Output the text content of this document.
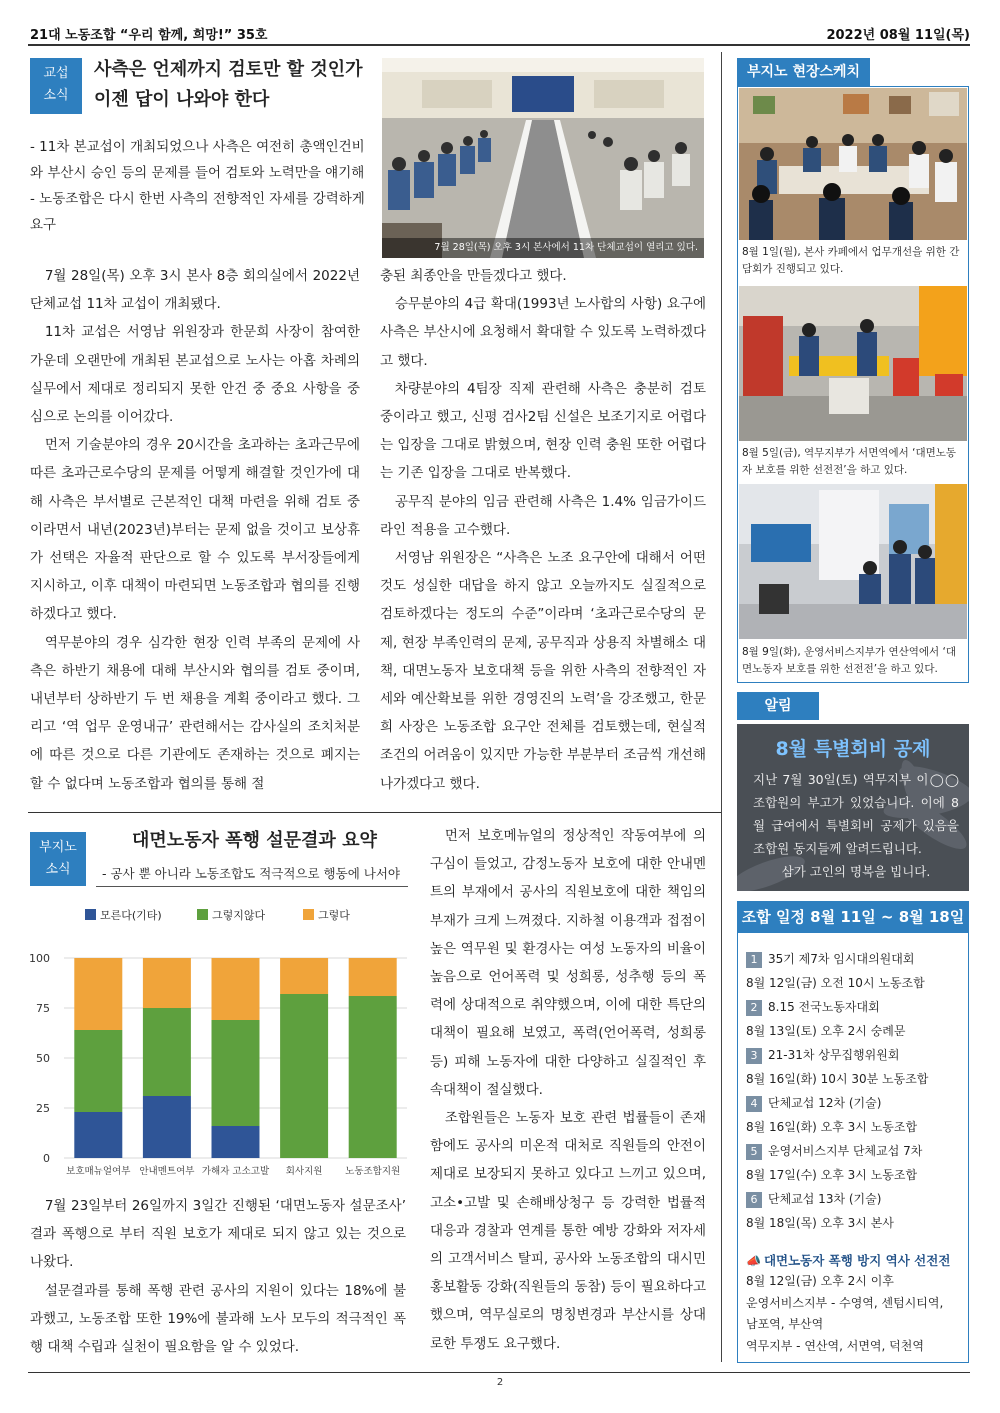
21대 노동조합 “우리 함께, 희망!” 35호	2022년 08월 11일(목)
교섭
소식
사측은 언제까지 검토만 할 것인가
이젠 답이 나와야 한다
- 11차 본교섭이 개최되었으나 사측은 여전히 총액인건비
와 부산시 승인 등의 문제를 들어 검토와 노력만을 얘기해
- 노동조합은 다시 한번 사측의 전향적인 자세를 강력하게
요구
7월 28일(목) 오후 3시 본사에서 11차 단체교섭이 열리고 있다.

7월 28일(목) 오후 3시 본사 8층 회의실에서 2022년 단체교섭 11차 교섭이 개최됐다.

11차 교섭은 서영남 위원장과 한문희 사장이 참여한 가운데 오랜만에 개최된 본교섭으로 노사는 아홉 차례의 실무에서 제대로 정리되지 못한 안건 중 중요 사항을 중심으로 논의를 이어갔다.

먼저 기술분야의 경우 20시간을 초과하는 초과근무에 따른 초과근로수당의 문제를 어떻게 해결할 것인가에 대해 사측은 부서별로 근본적인 대책 마련을 위해 검토 중이라면서 내년(2023년)부터는 문제 없을 것이고 보상휴가 선택은 자율적 판단으로 할 수 있도록 부서장들에게 지시하고, 이후 대책이 마련되면 노동조합과 협의를 진행하겠다고 했다.

역무분야의 경우 심각한 현장 인력 부족의 문제에 사측은 하반기 채용에 대해 부산시와 협의를 검토 중이며, 내년부터 상하반기 두 번 채용을 계획 중이라고 했다. 그리고 ‘역 업무 운영내규’ 관련해서는 감사실의 조치처분에 따른 것으로 다른 기관에도 존재하는 것으로 폐지는 할 수 없다며 노동조합과 협의를 통해 절

충된 최종안을 만들겠다고 했다.

승무분야의 4급 확대(1993년 노사합의 사항) 요구에 사측은 부산시에 요청해서 확대할 수 있도록 노력하겠다고 했다.

차량분야의 4팀장 직제 관련해 사측은 충분히 검토 중이라고 했고, 신평 검사2팀 신설은 보조기지로 어렵다는 입장을 그대로 밝혔으며, 현장 인력 충원 또한 어렵다는 기존 입장을 그대로 반복했다.

공무직 분야의 임금 관련해 사측은 1.4% 임금가이드라인 적용을 고수했다.

서영남 위원장은 “사측은 노조 요구안에 대해서 어떤 것도 성실한 대답을 하지 않고 오늘까지도 실질적으로 검토하겠다는 정도의 수준”이라며 ‘초과근로수당의 문제, 현장 부족인력의 문제, 공무직과 상용직 차별해소 대책, 대면노동자 보호대책 등을 위한 사측의 전향적인 자세와 예산확보를 위한 경영진의 노력’을 강조했고, 한문희 사장은 노동조합 요구안 전체를 검토했는데, 현실적 조건의 어려움이 있지만 가능한 부분부터 조금씩 개선해 나가겠다고 했다.

부지노
소식
대면노동자 폭행 설문결과 요약
- 공사 뿐 아니라 노동조합도 적극적으로 행동에 나서야
모른다(기타)	그렇지않다	그렇다
0
25
50
75
100
보호매뉴얼여부 안내멘트여부 가해자 고소고발 회사지원 노동조합지원

7월 23일부터 26일까지 3일간 진행된 ‘대면노동자 설문조사’ 결과 폭행으로 부터 직원 보호가 제대로 되지 않고 있는 것으로 나왔다.

설문결과를 통해 폭행 관련 공사의 지원이 있다는 18%에 불과했고, 노동조합 또한 19%에 불과해 노사 모두의 적극적인 폭행 대책 수립과 실천이 필요함을 알 수 있었다.

먼저 보호메뉴얼의 정상적인 작동여부에 의구심이 들었고, 감정노동자 보호에 대한 안내멘트의 부재에서 공사의 직원보호에 대한 책임의 부재가 크게 느껴졌다. 지하철 이용객과 접점이 높은 역무원 및 환경사는 여성 노동자의 비율이 높음으로 언어폭력 및 성희롱, 성추행 등의 폭력에 상대적으로 취약했으며, 이에 대한 특단의 대책이 필요해 보였고, 폭력(언어폭력, 성희롱 등) 피해 노동자에 대한 다양하고 실질적인 후속대책이 절실했다.

조합원들은 노동자 보호 관련 법률들이 존재함에도 공사의 미온적 대처로 직원들의 안전이 제대로 보장되지 못하고 있다고 느끼고 있으며, 고소•고발 및 손해배상청구 등 강력한 법률적 대응과 경찰과 연계를 통한 예방 강화와 저자세의 고객서비스 탈피, 공사와 노동조합의 대시민 홍보활동 강화(직원들의 동참) 등이 필요하다고 했으며, 역무실로의 명칭변경과 부산시를 상대로한 투쟁도 요구했다.

부지노 현장스케치
8월 1일(월), 본사 카페에서 업무개선을 위한 간담회가 진행되고 있다.
8월 5일(금), 역무지부가 서면역에서 ‘대면노동자 보호를 위한 선전전’을 하고 있다.
8월 9일(화), 운영서비스지부가 연산역에서 ‘대면노동자 보호를 위한 선전전’을 하고 있다.
알림
8월 특별회비 공제
지난 7월 30일(토) 역무지부 이◯◯ 조합원의 부고가 있었습니다. 이에 8월 급여에서 특별회비 공제가 있음을 조합원 동지들께 알려드립니다.
삼가 고인의 명복을 빕니다.
조합 일정 8월 11일 ~ 8월 18일
1 35기 제7차 임시대의원대회
8월 12일(금) 오전 10시 노동조합
2 8.15 전국노동자대회
8월 13일(토) 오후 2시 숭례문
3 21-31차 상무집행위원회
8월 16일(화) 10시 30분 노동조합
4 단체교섭 12차 (기술)
8월 16일(화) 오후 3시 노동조합
5 운영서비스지부 단체교섭 7차
8월 17일(수) 오후 3시 노동조합
6 단체교섭 13차 (기술)
8월 18일(목) 오후 3시 본사
📣 대면노동자 폭행 방지 역사 선전전
8월 12일(금) 오후 2시 이후
운영서비스지부 - 수영역, 센텀시티역,
남포역, 부산역
역무지부 - 연산역, 서면역, 덕천역
2
